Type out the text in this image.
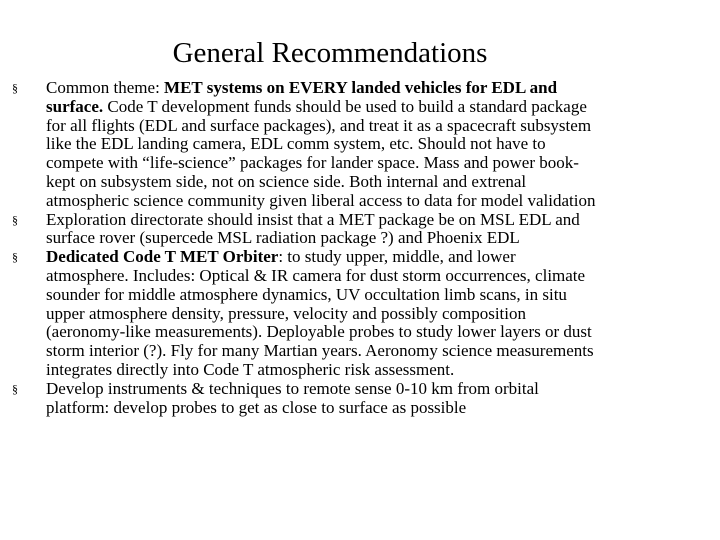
General Recommendations
§	Common theme: MET systems on EVERY landed vehicles for EDL and
surface. Code T development funds should be used to build a standard package
for all flights (EDL and surface packages), and treat it as a spacecraft subsystem
like the EDL landing camera, EDL comm system, etc. Should not have to
compete with “life-science” packages for lander space. Mass and power book-
kept on subsystem side, not on science side. Both internal and extrenal
atmospheric science community given liberal access to data for model validation
§	Exploration directorate should insist that a MET package be on MSL EDL and
surface rover (supercede MSL radiation package ?) and Phoenix EDL
§	Dedicated Code T MET Orbiter: to study upper, middle, and lower
atmosphere. Includes: Optical & IR camera for dust storm occurrences, climate
sounder for middle atmosphere dynamics, UV occultation limb scans, in situ
upper atmosphere density, pressure, velocity and possibly composition
(aeronomy-like measurements). Deployable probes to study lower layers or dust
storm interior (?). Fly for many Martian years. Aeronomy science measurements
integrates directly into Code T atmospheric risk assessment.
§	Develop instruments & techniques to remote sense 0-10 km from orbital
platform: develop probes to get as close to surface as possible
